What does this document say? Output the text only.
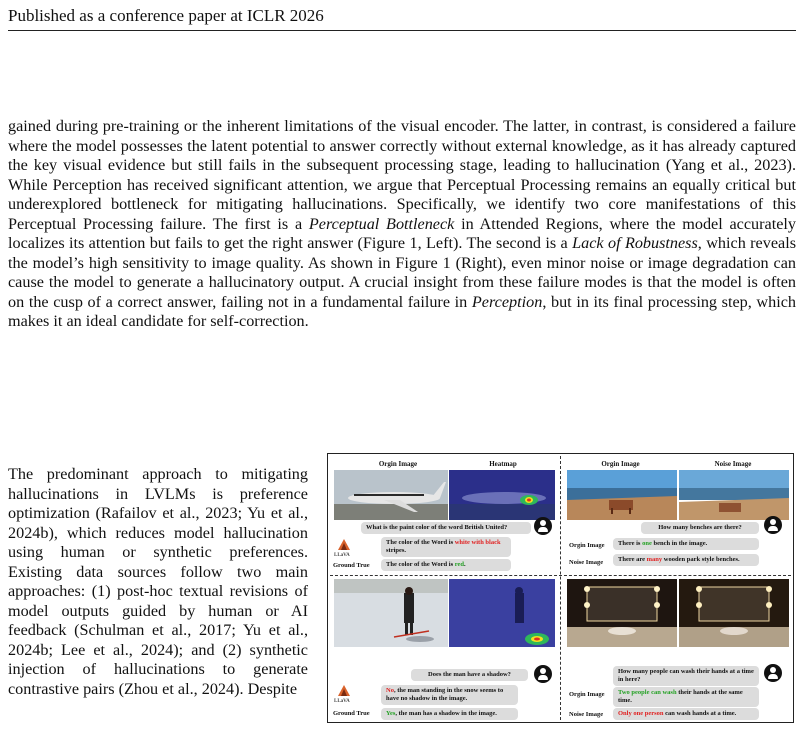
Published as a conference paper at ICLR 2026

gained during pre-training or the inherent limitations of the visual encoder. The latter, in contrast, is considered a failure where the model possesses the latent potential to answer correctly without external knowledge, as it has already captured the key visual evidence but still fails in the subsequent processing stage, leading to hallucination (Yang et al., 2023). While Perception has received significant attention, we argue that Perceptual Processing remains an equally critical but underexplored bottleneck for mitigating hallucinations. Specifically, we identify two core manifestations of this Perceptual Processing failure. The first is a Perceptual Bottleneck in Attended Regions, where the model accurately localizes its attention but fails to get the right answer (Figure 1, Left). The second is a Lack of Robustness, which reveals the model’s high sensitivity to image quality. As shown in Figure 1 (Right), even minor noise or image degradation can cause the model to generate a hallucinatory output. A crucial insight from these failure modes is that the model is often on the cusp of a correct answer, failing not in a fundamental failure in Perception, but in its final processing step, which makes it an ideal candidate for self-correction.

The predominant approach to mitigating hallucinations in LVLMs is preference optimization (Rafailov et al., 2023; Yu et al., 2024b), which reduces model hallucination using human or synthetic preferences. Existing data sources follow two main approaches: (1) post-hoc textual revisions of model outputs guided by human or AI feedback (Schulman et al., 2017; Yu et al., 2024b; Lee et al., 2024); and (2) synthetic injection of hallucinations to generate contrastive pairs (Zhou et al., 2024). Despite

Orgin Image	Heatmap
What is the paint color of the word British United?
LLaVA
The color of the Word is white with black stripes.
Ground True	The color of the Word is red.
Orgin Image	Noise Image
How many benches are there?
Orgin Image	There is one bench in the image.
Noise Image	There are many wooden park style benches.
Does the man have a shadow?
LLaVA
No, the man standing in the snow seems to have no shadow in the image.
Ground True	Yes, the man has a shadow in the image.
How many people can wash their hands at a time in here?
Orgin Image	Two people can wash their hands at the same time.
Noise Image	Only one person can wash hands at a time.
